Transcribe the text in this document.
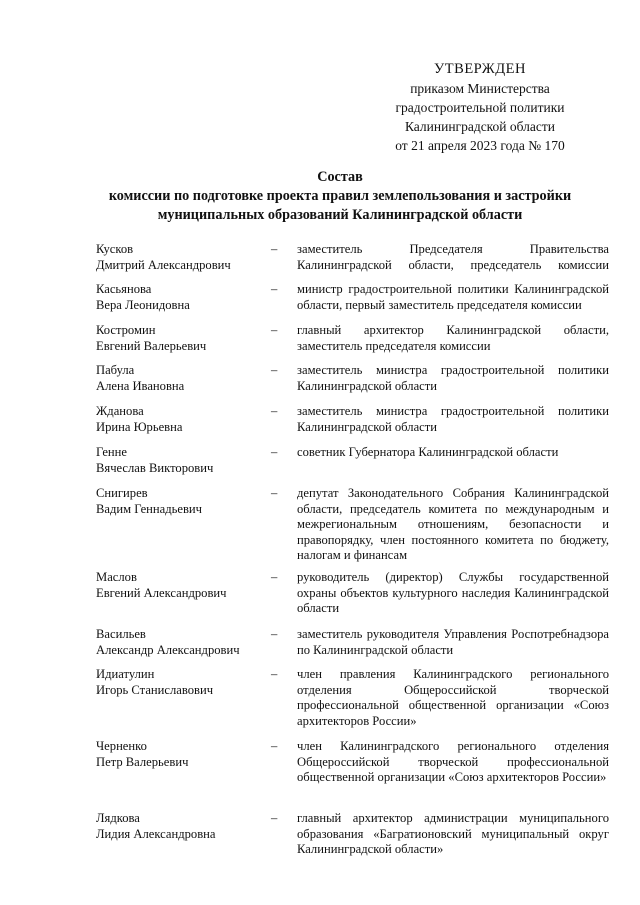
УТВЕРЖДЕН
приказом Министерства
градостроительной политики
Калининградской области
от 21 апреля 2023 года № 170
Состав
комиссии по подготовке проекта правил землепользования и застройки
муниципальных образований Калининградской области
Кусков
Дмитрий Александрович
– заместитель Председателя Правительства Калининградской области, председатель комиссии
Касьянова
Вера Леонидовна
– министр градостроительной политики Калининградской области, первый заместитель председателя комиссии
Костромин
Евгений Валерьевич
– главный архитектор Калининградской области, заместитель председателя комиссии
Пабула
Алена Ивановна
– заместитель министра градостроительной политики Калининградской области
Жданова
Ирина Юрьевна
– заместитель министра градостроительной политики Калининградской области
Генне
Вячеслав Викторович
– советник Губернатора Калининградской области
Снигирев
Вадим Геннадьевич
– депутат Законодательного Собрания Калининградской области, председатель комитета по международным и межрегиональным отношениям, безопасности и правопорядку, член постоянного комитета по бюджету, налогам и финансам
Маслов
Евгений Александрович
– руководитель (директор) Службы государственной охраны объектов культурного наследия Калининградской области
Васильев
Александр Александрович
– заместитель руководителя Управления Роспотребнадзора по Калининградской области
Идиатулин
Игорь Станиславович
– член правления Калининградского регионального отделения Общероссийской творческой профессиональной общественной организации «Союз архитекторов России»
Черненко
Петр Валерьевич
– член Калининградского регионального отделения Общероссийской творческой профессиональной общественной организации «Союз архитекторов России»
Лядкова
Лидия Александровна
– главный архитектор администрации муниципального образования «Багратионовский муниципальный округ Калининградской области»
